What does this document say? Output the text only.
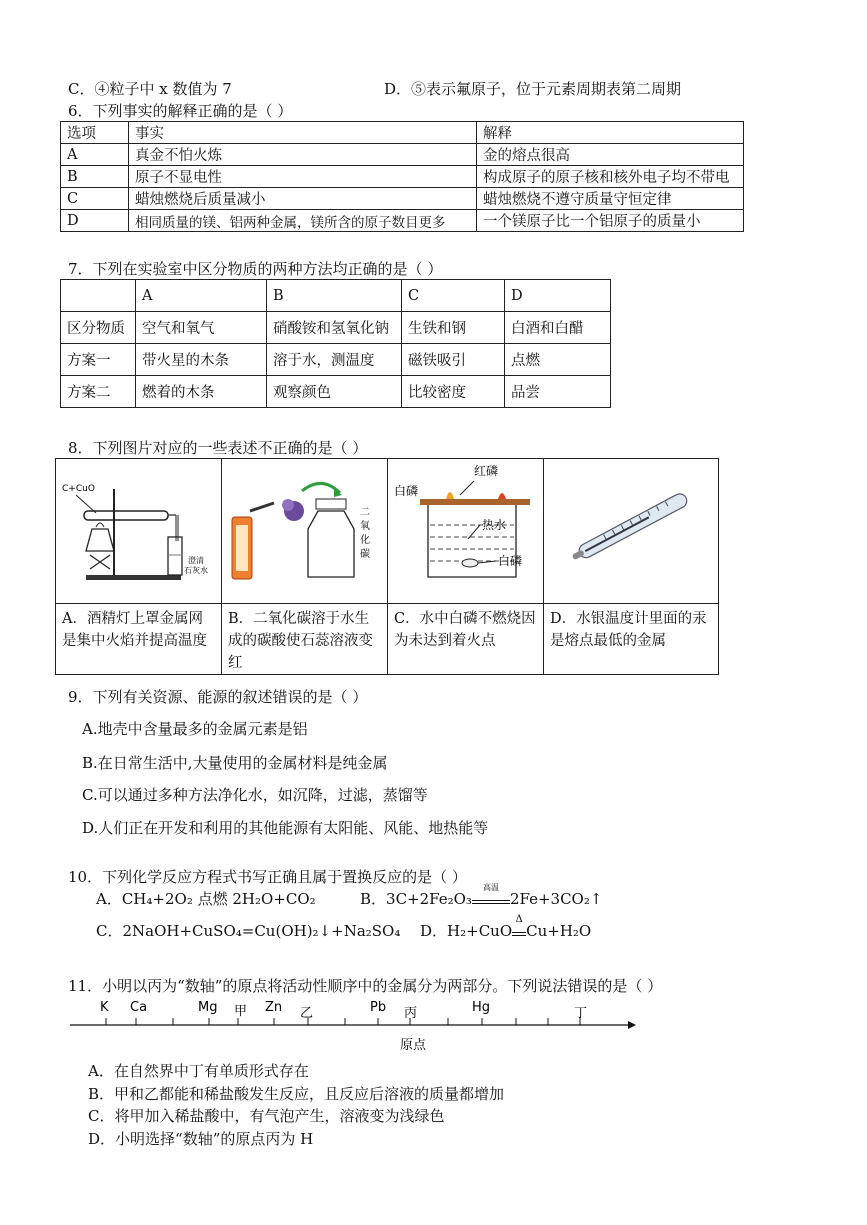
C．④粒子中 x 数值为 7	D．⑤表示氟原子，位于元素周期表第二周期
6．下列事实的解释正确的是（ ）
选项	事实	解释
A	真金不怕火炼	金的熔点很高
B	原子不显电性	构成原子的原子核和核外电子均不带电
C	蜡烛燃烧后质量减小	蜡烛燃烧不遵守质量守恒定律
D	相同质量的镁、铝两种金属，镁所含的原子数目更多	一个镁原子比一个铝原子的质量小
7．下列在实验室中区分物质的两种方法均正确的是（ ）
	A	B	C	D
区分物质	空气和氧气	硝酸铵和氢氧化钠	生铁和钢	白酒和白醋
方案一	带火星的木条	溶于水，测温度	磁铁吸引	点燃
方案二	燃着的木条	观察颜色	比较密度	品尝
8．下列图片对应的一些表述不正确的是（ ）
C+CuO
澄清
石灰水	二
氧
化
碳	红磷
白磷
热水
白磷

A．酒精灯上罩金属网是集中火焰并提高温度	B．二氧化碳溶于水生成的碳酸使石蕊溶液变红	C．水中白磷不燃烧因为未达到着火点	D．水银温度计里面的汞是熔点最低的金属
9．下列有关资源、能源的叙述错误的是（ ）
A.地壳中含量最多的金属元素是铝
B.在日常生活中,大量使用的金属材料是纯金属
C.可以通过多种方法净化水，如沉降，过滤，蒸馏等
D.人们正在开发和利用的其他能源有太阳能、风能、地热能等
10．下列化学反应方程式书写正确且属于置换反应的是（ ）
A．CH₄+2O₂ 点燃 2H₂O+CO₂	B．3C+2Fe₂O₃
高温
2Fe+3CO₂↑
C．2NaOH+CuSO₄=Cu(OH)₂↓+Na₂SO₄ D．H₂+CuO
Δ
Cu+H₂O
11．小明以丙为“数轴”的原点将活动性顺序中的金属分为两部分。下列说法错误的是（ ）
K Ca	Mg 甲 Zn 乙	Pb 丙	Hg	丁
原点
A．在自然界中丁有单质形式存在
B．甲和乙都能和稀盐酸发生反应，且反应后溶液的质量都增加
C．将甲加入稀盐酸中，有气泡产生，溶液变为浅绿色
D．小明选择“数轴”的原点丙为 H
